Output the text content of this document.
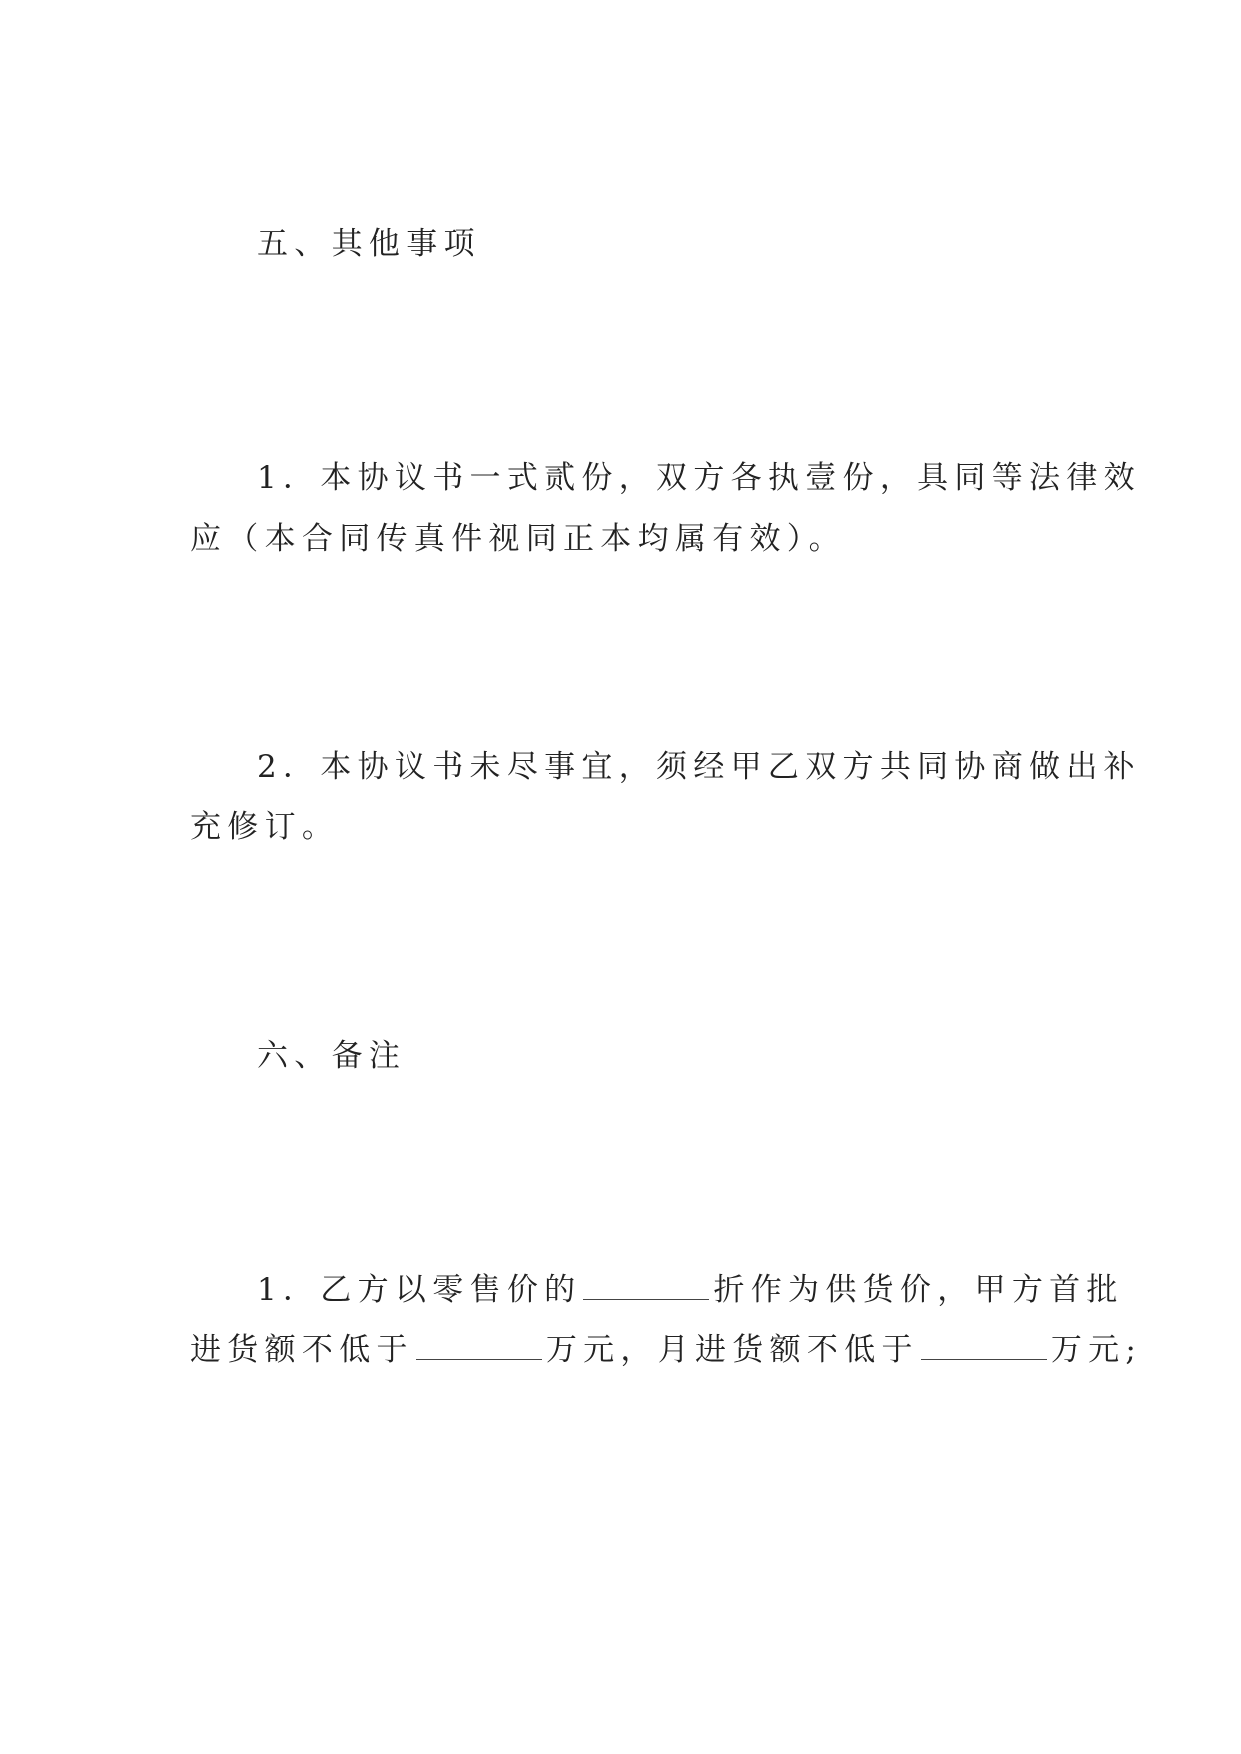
五、其他事项

1．本协议书一式贰份，双方各执壹份，具同等法律效

应（本合同传真件视同正本均属有效）。

2．本协议书未尽事宜，须经甲乙双方共同协商做出补

充修订。

六、备注

1．乙方以零售价的	折作为供货价，甲方首批

进货额不低于	万元，月进货额不低于	万元;
